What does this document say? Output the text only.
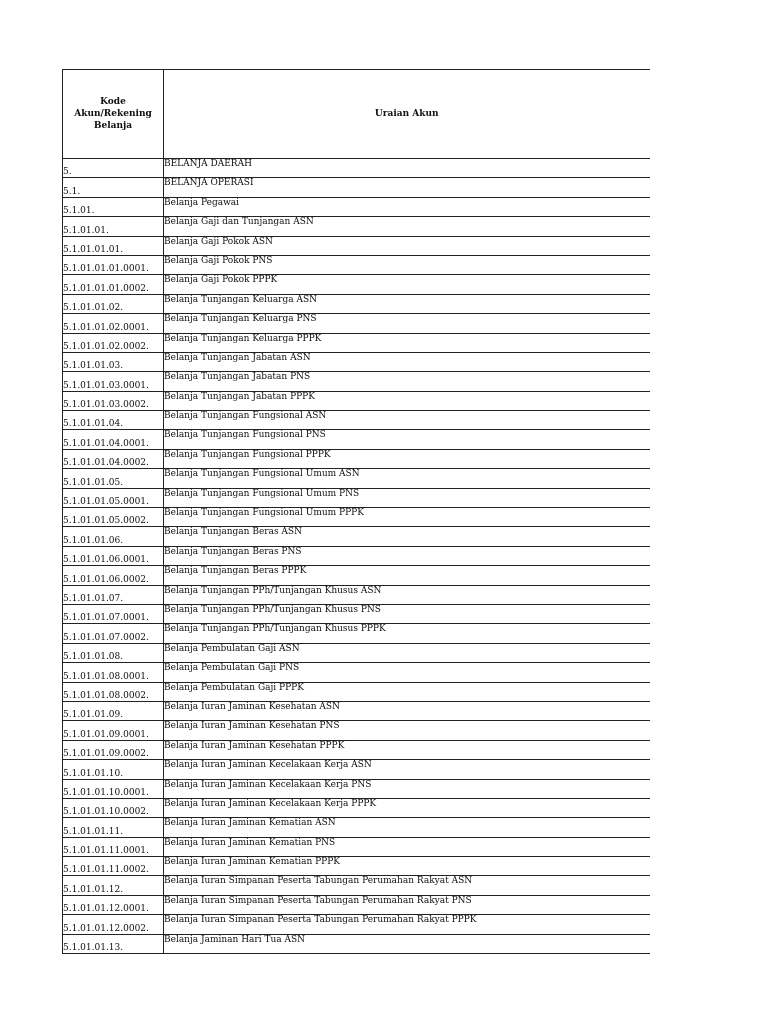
Kode
Akun/Rekening
Belanja	Uraian Akun
5.	BELANJA DAERAH
5.1.	BELANJA OPERASI
5.1.01.	Belanja Pegawai
5.1.01.01.	Belanja Gaji dan Tunjangan ASN
5.1.01.01.01.	Belanja Gaji Pokok ASN
5.1.01.01.01.0001.	Belanja Gaji Pokok PNS
5.1.01.01.01.0002.	Belanja Gaji Pokok PPPK
5.1.01.01.02.	Belanja Tunjangan Keluarga ASN
5.1.01.01.02.0001.	Belanja Tunjangan Keluarga PNS
5.1.01.01.02.0002.	Belanja Tunjangan Keluarga PPPK
5.1.01.01.03.	Belanja Tunjangan Jabatan ASN
5.1.01.01.03.0001.	Belanja Tunjangan Jabatan PNS
5.1.01.01.03.0002.	Belanja Tunjangan Jabatan PPPK
5.1.01.01.04.	Belanja Tunjangan Fungsional ASN
5.1.01.01.04.0001.	Belanja Tunjangan Fungsional PNS
5.1.01.01.04.0002.	Belanja Tunjangan Fungsional PPPK
5.1.01.01.05.	Belanja Tunjangan Fungsional Umum ASN
5.1.01.01.05.0001.	Belanja Tunjangan Fungsional Umum PNS
5.1.01.01.05.0002.	Belanja Tunjangan Fungsional Umum PPPK
5.1.01.01.06.	Belanja Tunjangan Beras ASN
5.1.01.01.06.0001.	Belanja Tunjangan Beras PNS
5.1.01.01.06.0002.	Belanja Tunjangan Beras PPPK
5.1.01.01.07.	Belanja Tunjangan PPh/Tunjangan Khusus ASN
5.1.01.01.07.0001.	Belanja Tunjangan PPh/Tunjangan Khusus PNS
5.1.01.01.07.0002.	Belanja Tunjangan PPh/Tunjangan Khusus PPPK
5.1.01.01.08.	Belanja Pembulatan Gaji ASN
5.1.01.01.08.0001.	Belanja Pembulatan Gaji PNS
5.1.01.01.08.0002.	Belanja Pembulatan Gaji PPPK
5.1.01.01.09.	Belanja Iuran Jaminan Kesehatan ASN
5.1.01.01.09.0001.	Belanja Iuran Jaminan Kesehatan PNS
5.1.01.01.09.0002.	Belanja Iuran Jaminan Kesehatan PPPK
5.1.01.01.10.	Belanja Iuran Jaminan Kecelakaan Kerja ASN
5.1.01.01.10.0001.	Belanja Iuran Jaminan Kecelakaan Kerja PNS
5.1.01.01.10.0002.	Belanja Iuran Jaminan Kecelakaan Kerja PPPK
5.1.01.01.11.	Belanja Iuran Jaminan Kematian ASN
5.1.01.01.11.0001.	Belanja Iuran Jaminan Kematian PNS
5.1.01.01.11.0002.	Belanja Iuran Jaminan Kematian PPPK
5.1.01.01.12.	Belanja Iuran Simpanan Peserta Tabungan Perumahan Rakyat ASN
5.1.01.01.12.0001.	Belanja Iuran Simpanan Peserta Tabungan Perumahan Rakyat PNS
5.1.01.01.12.0002.	Belanja Iuran Simpanan Peserta Tabungan Perumahan Rakyat PPPK
5.1.01.01.13.	Belanja Jaminan Hari Tua ASN
